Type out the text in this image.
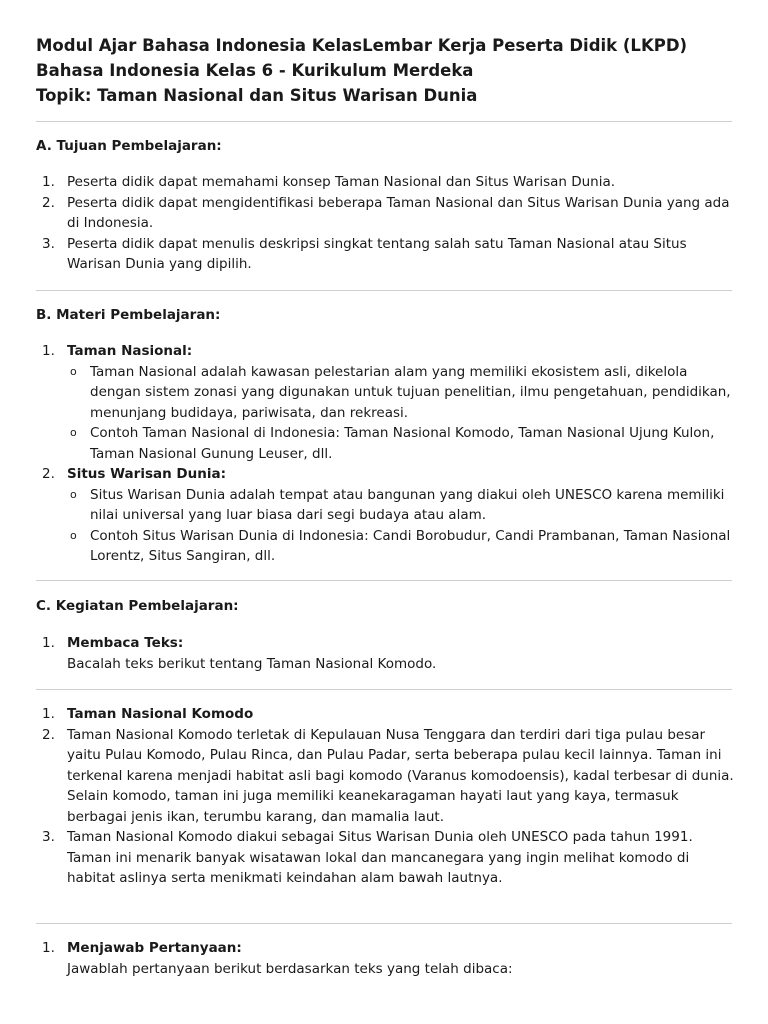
Modul Ajar Bahasa Indonesia KelasLembar Kerja Peserta Didik (LKPD)
Bahasa Indonesia Kelas 6 - Kurikulum Merdeka
Topik: Taman Nasional dan Situs Warisan Dunia
A. Tujuan Pembelajaran:
1. Peserta didik dapat memahami konsep Taman Nasional dan Situs Warisan Dunia.
2. Peserta didik dapat mengidentifikasi beberapa Taman Nasional dan Situs Warisan Dunia yang ada di Indonesia.
3. Peserta didik dapat menulis deskripsi singkat tentang salah satu Taman Nasional atau Situs Warisan Dunia yang dipilih.
B. Materi Pembelajaran:
1. Taman Nasional:
o Taman Nasional adalah kawasan pelestarian alam yang memiliki ekosistem asli, dikelola dengan sistem zonasi yang digunakan untuk tujuan penelitian, ilmu pengetahuan, pendidikan, menunjang budidaya, pariwisata, dan rekreasi.
o Contoh Taman Nasional di Indonesia: Taman Nasional Komodo, Taman Nasional Ujung Kulon, Taman Nasional Gunung Leuser, dll.
2. Situs Warisan Dunia:
o Situs Warisan Dunia adalah tempat atau bangunan yang diakui oleh UNESCO karena memiliki nilai universal yang luar biasa dari segi budaya atau alam.
o Contoh Situs Warisan Dunia di Indonesia: Candi Borobudur, Candi Prambanan, Taman Nasional Lorentz, Situs Sangiran, dll.
C. Kegiatan Pembelajaran:
1. Membaca Teks:
Bacalah teks berikut tentang Taman Nasional Komodo.
1. Taman Nasional Komodo
2. Taman Nasional Komodo terletak di Kepulauan Nusa Tenggara dan terdiri dari tiga pulau besar yaitu Pulau Komodo, Pulau Rinca, dan Pulau Padar, serta beberapa pulau kecil lainnya. Taman ini terkenal karena menjadi habitat asli bagi komodo (Varanus komodoensis), kadal terbesar di dunia. Selain komodo, taman ini juga memiliki keanekaragaman hayati laut yang kaya, termasuk berbagai jenis ikan, terumbu karang, dan mamalia laut.
3. Taman Nasional Komodo diakui sebagai Situs Warisan Dunia oleh UNESCO pada tahun 1991. Taman ini menarik banyak wisatawan lokal dan mancanegara yang ingin melihat komodo di habitat aslinya serta menikmati keindahan alam bawah lautnya.
1. Menjawab Pertanyaan:
Jawablah pertanyaan berikut berdasarkan teks yang telah dibaca:
